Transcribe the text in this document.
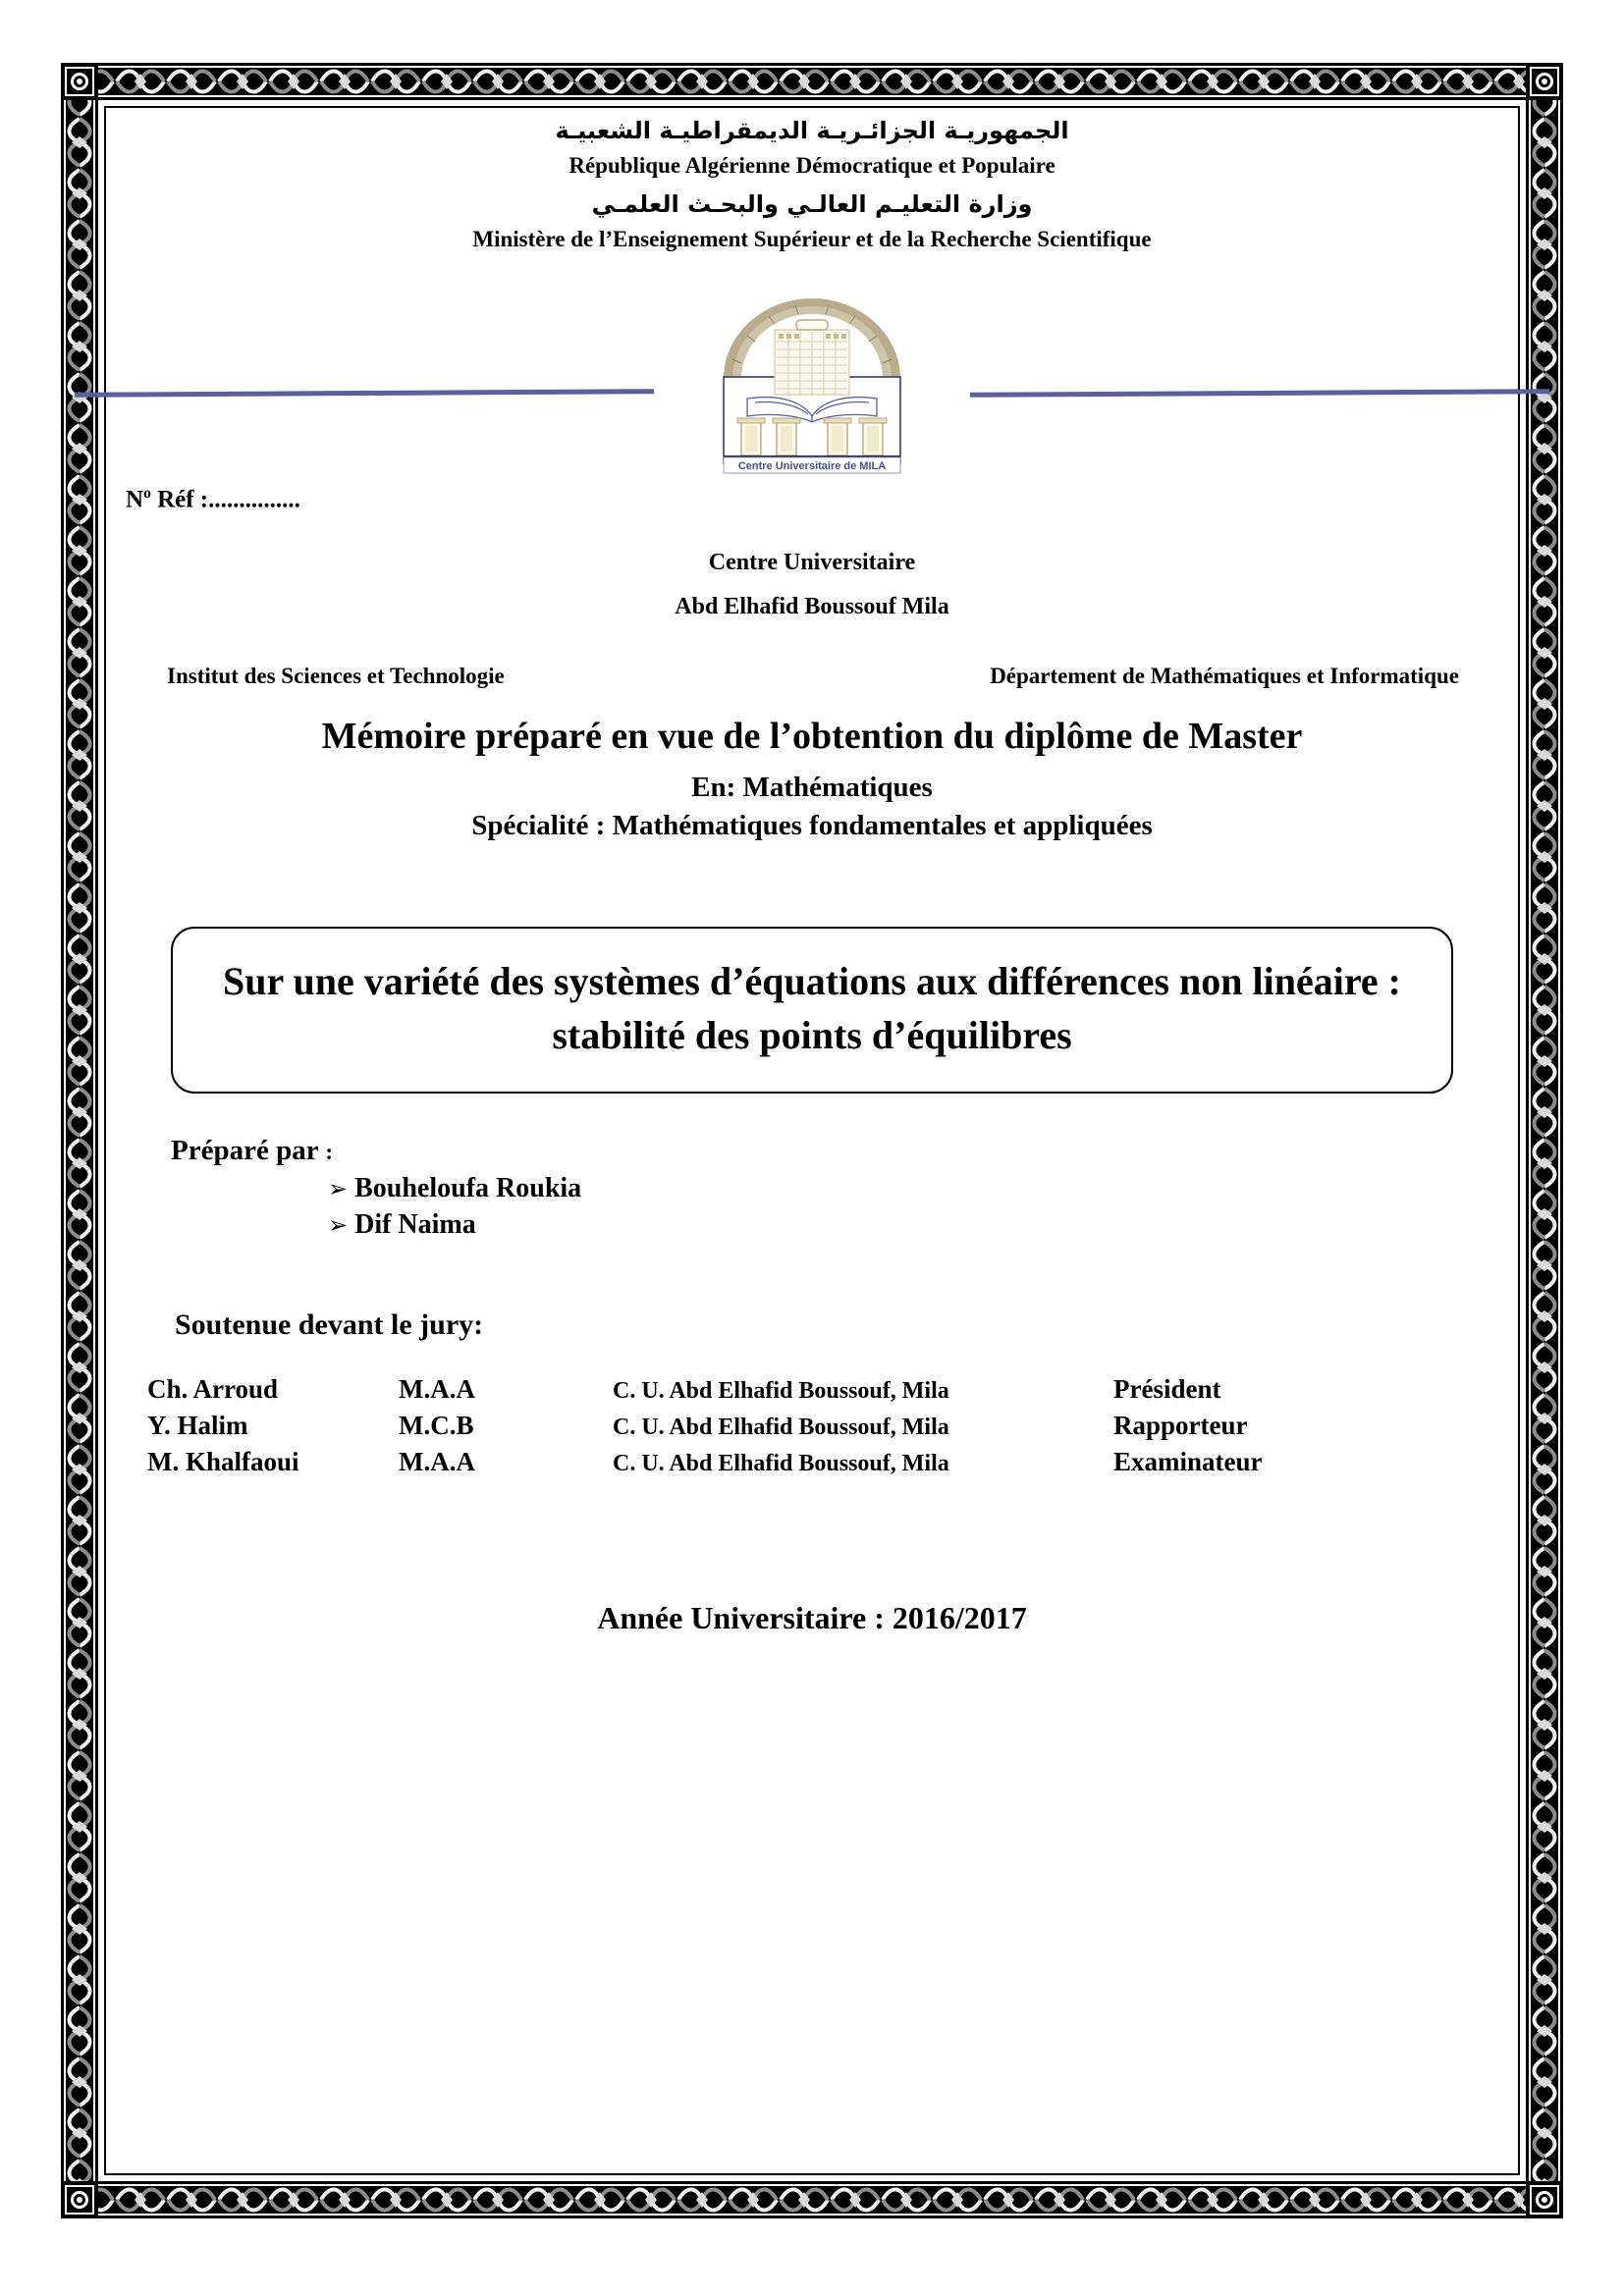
الجمهوريـة الجزائـريـة الديمقراطيـة الشعبيـة
République Algérienne Démocratique et Populaire
وزارة التعليـم العالـي والبحـث العلمـي
Ministère de l’Enseignement Supérieur et de la Recherche Scientifique
Centre Universitaire de MILA
$N^o$ Réf :...............
Centre Universitaire
Abd Elhafid Boussouf Mila
Institut des Sciences et Technologie	Département de Mathématiques et Informatique
Mémoire préparé en vue de l’obtention du diplôme de Master
En: Mathématiques
Spécialité : Mathématiques fondamentales et appliquées
Sur une variété des systèmes d’équations aux différences non linéaire : stabilité des points d’équilibres
Préparé par :
➢ Bouheloufa Roukia
➢ Dif Naima
Soutenue devant le jury:
Ch. Arroud	M.A.A	C. U. Abd Elhafid Boussouf, Mila	Président
Y. Halim	M.C.B	C. U. Abd Elhafid Boussouf, Mila	Rapporteur
M. Khalfaoui	M.A.A	C. U. Abd Elhafid Boussouf, Mila	Examinateur
Année Universitaire : 2016/2017
